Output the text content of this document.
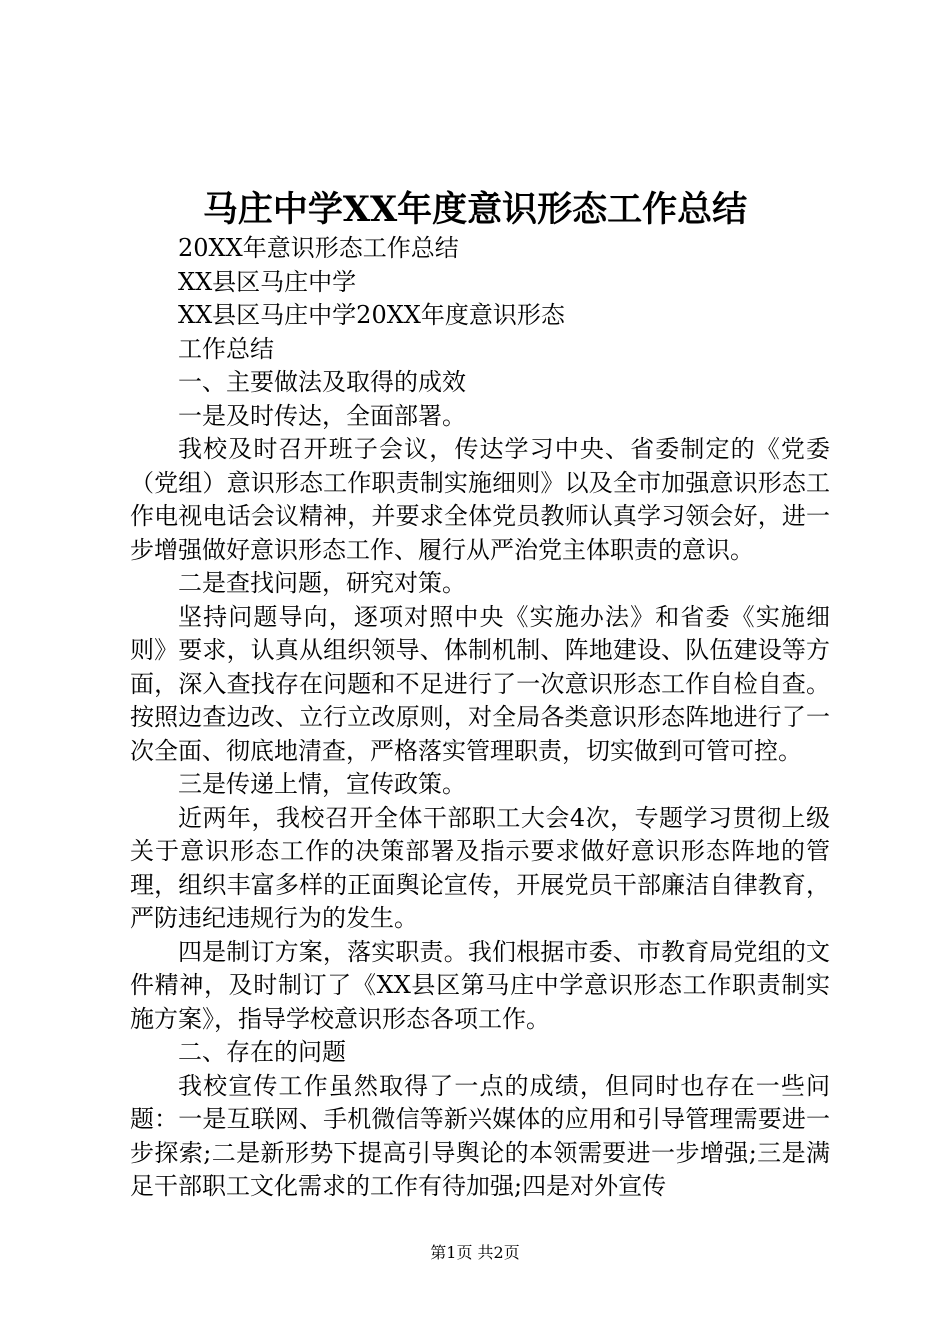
马庄中学XX年度意识形态工作总结

20XX年意识形态工作总结

XX县区马庄中学

XX县区马庄中学20XX年度意识形态

工作总结

一、主要做法及取得的成效

一是及时传达，全面部署。

我校及时召开班子会议，传达学习中央、省委制定的《党委（党组）意识形态工作职责制实施细则》以及全市加强意识形态工作电视电话会议精神，并要求全体党员教师认真学习领会好，进一步增强做好意识形态工作、履行从严治党主体职责的意识。

二是查找问题，研究对策。

坚持问题导向，逐项对照中央《实施办法》和省委《实施细则》要求，认真从组织领导、体制机制、阵地建设、队伍建设等方面，深入查找存在问题和不足进行了一次意识形态工作自检自查。按照边查边改、立行立改原则，对全局各类意识形态阵地进行了一次全面、彻底地清查，严格落实管理职责，切实做到可管可控。

三是传递上情，宣传政策。

近两年，我校召开全体干部职工大会4次，专题学习贯彻上级关于意识形态工作的决策部署及指示要求做好意识形态阵地的管理，组织丰富多样的正面舆论宣传，开展党员干部廉洁自律教育，严防违纪违规行为的发生。

四是制订方案，落实职责。我们根据市委、市教育局党组的文件精神，及时制订了《XX县区第马庄中学意识形态工作职责制实施方案》，指导学校意识形态各项工作。

二、存在的问题

我校宣传工作虽然取得了一点的成绩，但同时也存在一些问题：一是互联网、手机微信等新兴媒体的应用和引导管理需要进一步探索;二是新形势下提高引导舆论的本领需要进一步增强;三是满足干部职工文化需求的工作有待加强;四是对外宣传

第1页 共2页
